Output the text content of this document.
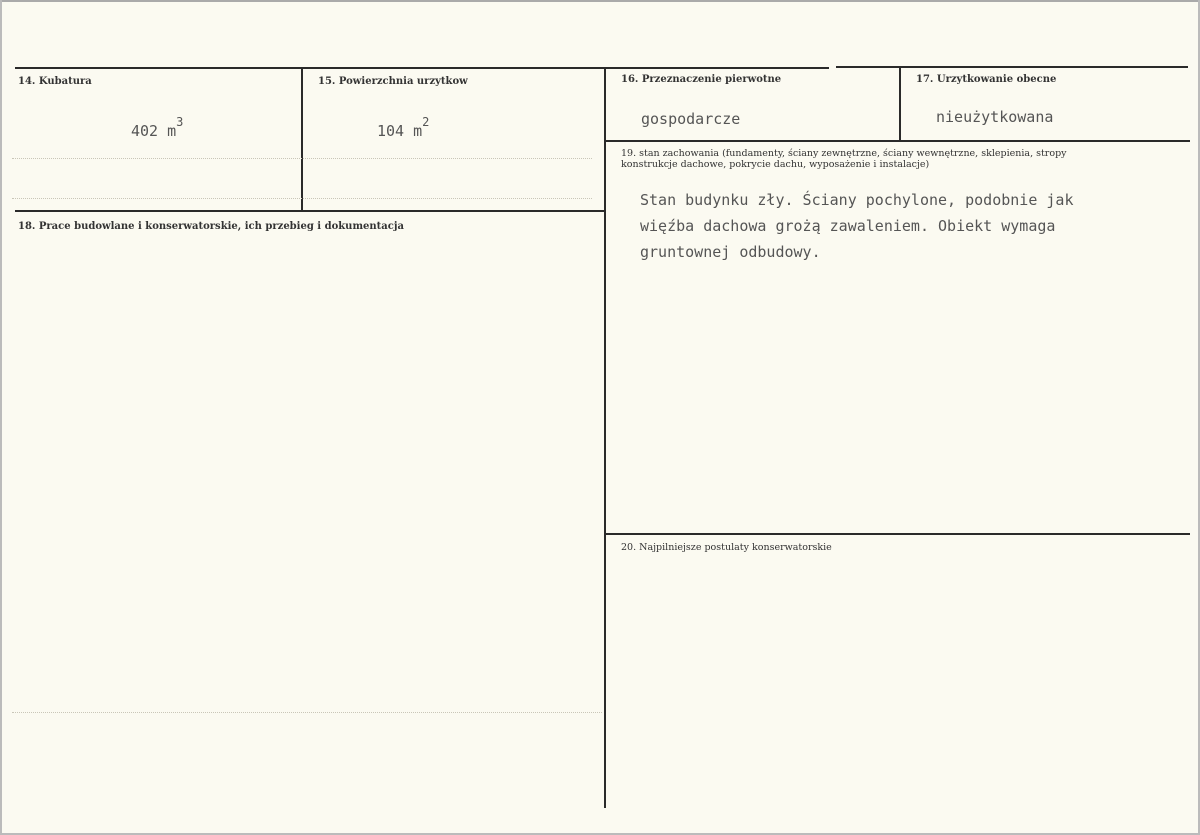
14. Kubatura
402 $m^3$
15. Powierzchnia urzytkow
104 $m^2$
16. Przeznaczenie pierwotne
gospodarcze
17. Urzytkowanie obecne
nieużytkowana
18. Prace budowlane i konserwatorskie, ich przebieg i dokumentacja
19. stan zachowania (fundamenty, ściany zewnętrzne, ściany wewnętrzne, sklepienia, stropy
konstrukcje dachowe, pokrycie dachu, wyposażenie i instalacje)
Stan budynku zły. Ściany pochylone, podobnie jak
więźba dachowa grożą zawaleniem. Obiekt wymaga
gruntownej odbudowy.
20. Najpilniejsze postulaty konserwatorskie
